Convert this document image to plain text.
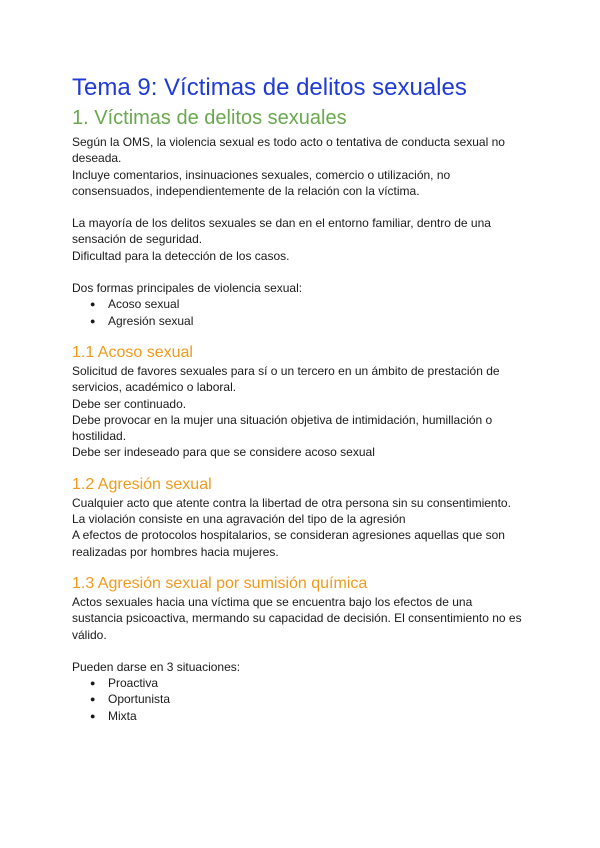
Tema 9: Víctimas de delitos sexuales
1. Víctimas de delitos sexuales

Según la OMS, la violencia sexual es todo acto o tentativa de conducta sexual no

deseada.

Incluye comentarios, insinuaciones sexuales, comercio o utilización, no

consensuados, independientemente de la relación con la víctima.

La mayoría de los delitos sexuales se dan en el entorno familiar, dentro de una

sensación de seguridad.

Dificultad para la detección de los casos.

Dos formas principales de violencia sexual:

● Acoso sexual
● Agresión sexual
1.1 Acoso sexual

Solicitud de favores sexuales para sí o un tercero en un ámbito de prestación de

servicios, académico o laboral.

Debe ser continuado.

Debe provocar en la mujer una situación objetiva de intimidación, humillación o

hostilidad.

Debe ser indeseado para que se considere acoso sexual

1.2 Agresión sexual

Cualquier acto que atente contra la libertad de otra persona sin su consentimiento.

La violación consiste en una agravación del tipo de la agresión

A efectos de protocolos hospitalarios, se consideran agresiones aquellas que son

realizadas por hombres hacia mujeres.

1.3 Agresión sexual por sumisión química

Actos sexuales hacia una víctima que se encuentra bajo los efectos de una

sustancia psicoactiva, mermando su capacidad de decisión. El consentimiento no es

válido.

Pueden darse en 3 situaciones:

● Proactiva
● Oportunista
● Mixta
